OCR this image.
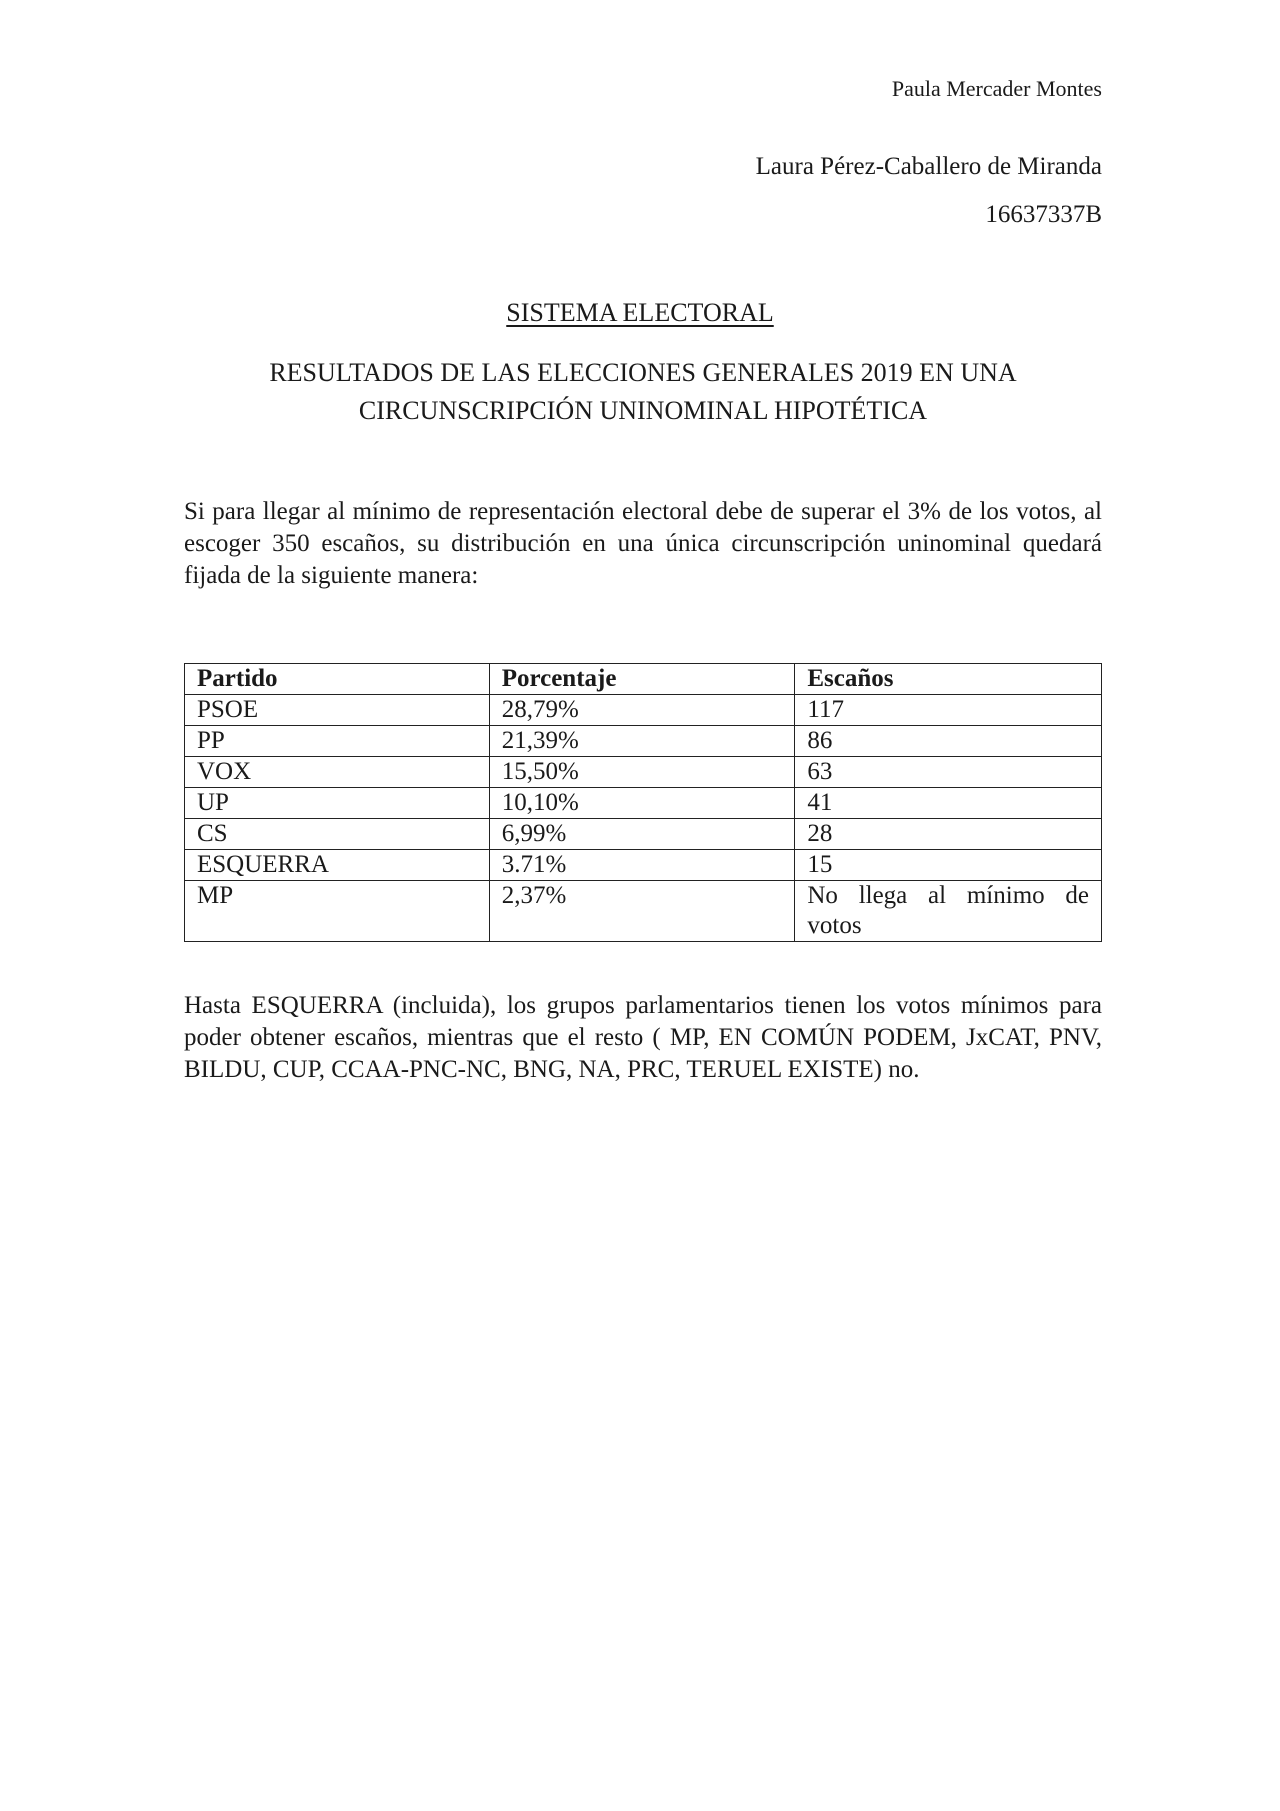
Paula Mercader Montes
Laura Pérez-Caballero de Miranda
16637337B
SISTEMA ELECTORAL
RESULTADOS DE LAS ELECCIONES GENERALES 2019 EN UNA
CIRCUNSCRIPCIÓN UNINOMINAL HIPOTÉTICA

Si para llegar al mínimo de representación electoral debe de superar el 3% de los votos, al escoger 350 escaños, su distribución en una única circunscripción uninominal quedará fijada de la siguiente manera:

Partido	Porcentaje	Escaños
PSOE	28,79%	117
PP	21,39%	86
VOX	15,50%	63
UP	10,10%	41
CS	6,99%	28
ESQUERRA	3.71%	15
MP	2,37%	No llega al mínimo de votos

Hasta ESQUERRA (incluida), los grupos parlamentarios tienen los votos mínimos para poder obtener escaños, mientras que el resto ( MP, EN COMÚN PODEM, JxCAT, PNV, BILDU, CUP, CCAA-PNC-NC, BNG, NA, PRC, TERUEL EXISTE) no.
